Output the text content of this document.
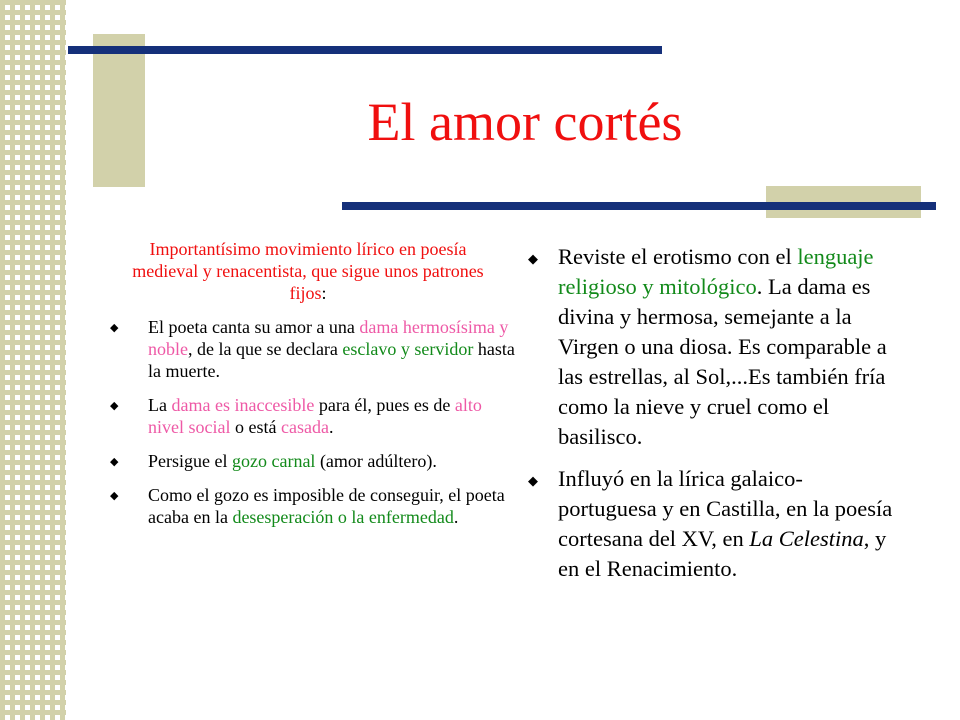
El amor cortés

Importantísimo movimiento lírico en poesía medieval y renacentista, que sigue unos patrones fijos:

◆ El poeta canta su amor a una dama hermosísima y noble, de la que se declara esclavo y servidor hasta la muerte.
◆ La dama es inaccesible para él, pues es de alto nivel social o está casada.
◆ Persigue el gozo carnal (amor adúltero).
◆ Como el gozo es imposible de conseguir, el poeta acaba en la desesperación o la enfermedad.
◆ Reviste el erotismo con el lenguaje religioso y mitológico. La dama es divina y hermosa, semejante a la Virgen o una diosa. Es comparable a las estrellas, al Sol,...Es también fría como la nieve y cruel como el basilisco.
◆ Influyó en la lírica galaico-portuguesa y en Castilla, en la poesía cortesana del XV, en La Celestina, y en el Renacimiento.
